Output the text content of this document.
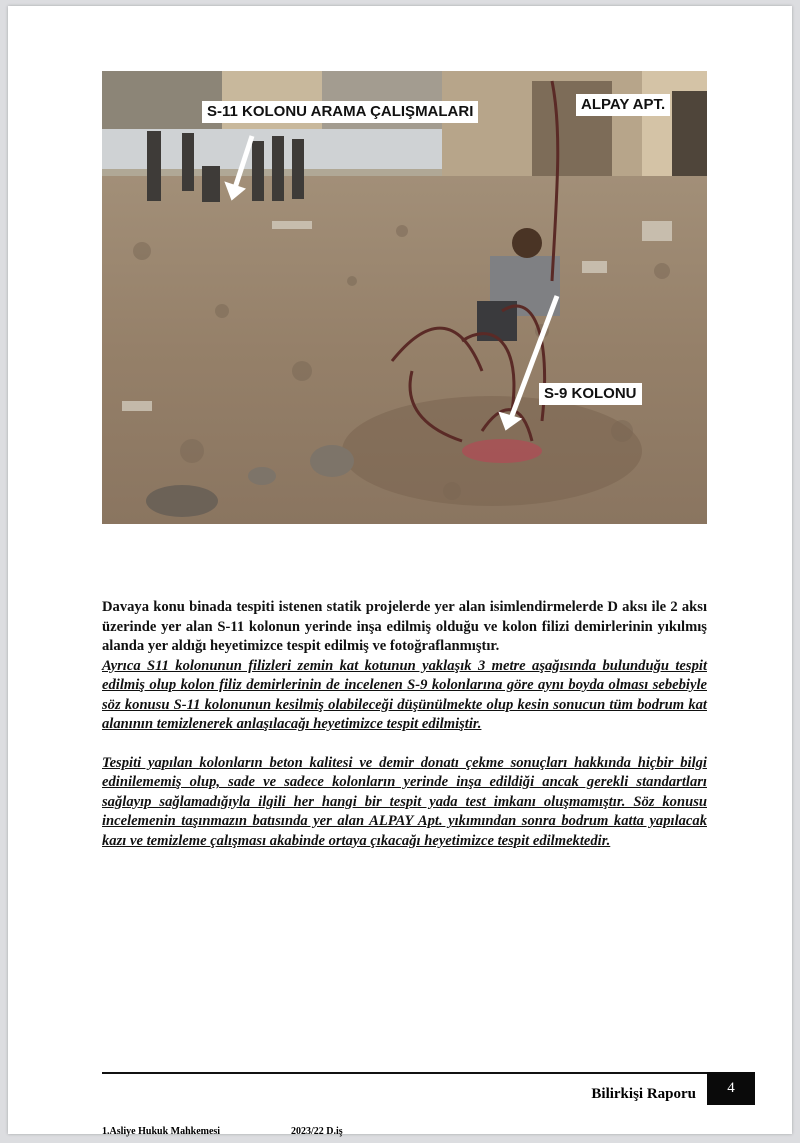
S-11 KOLONU ARAMA ÇALIŞMALARI	ALPAY APT.
S-9 KOLONU

Davaya konu binada tespiti istenen statik projelerde yer alan isimlendirmelerde D aksı ile 2 aksı üzerinde yer alan S-11 kolonun yerinde inşa edilmiş olduğu ve kolon filizi demirlerinin yıkılmış alanda yer aldığı heyetimizce tespit edilmiş ve fotoğraflanmıştır.

Ayrıca S11 kolonunun filizleri zemin kat kotunun yaklaşık 3 metre aşağısında bulunduğu tespit edilmiş olup kolon filiz demirlerinin de incelenen S-9 kolonlarına göre aynı boyda olması sebebiyle söz konusu S-11 kolonunun kesilmiş olabileceği düşünülmekte olup kesin sonucun tüm bodrum kat alanının temizlenerek anlaşılacağı heyetimizce tespit edilmiştir.

Tespiti yapılan kolonların beton kalitesi ve demir donatı çekme sonuçları hakkında hiçbir bilgi edinilememiş olup, sade ve sadece kolonların yerinde inşa edildiği ancak gerekli standartları sağlayıp sağlamadığıyla ilgili her hangi bir tespit yada test imkanı oluşmamıştır. Söz konusu incelemenin taşınmazın batısında yer alan ALPAY Apt. yıkımından sonra bodrum katta yapılacak kazı ve temizleme çalışması akabinde ortaya çıkacağı heyetimizce tespit edilmektedir.

Bilirkişi Raporu	4
1.Asliye Hukuk Mahkemesi	2023/22 D.iş
